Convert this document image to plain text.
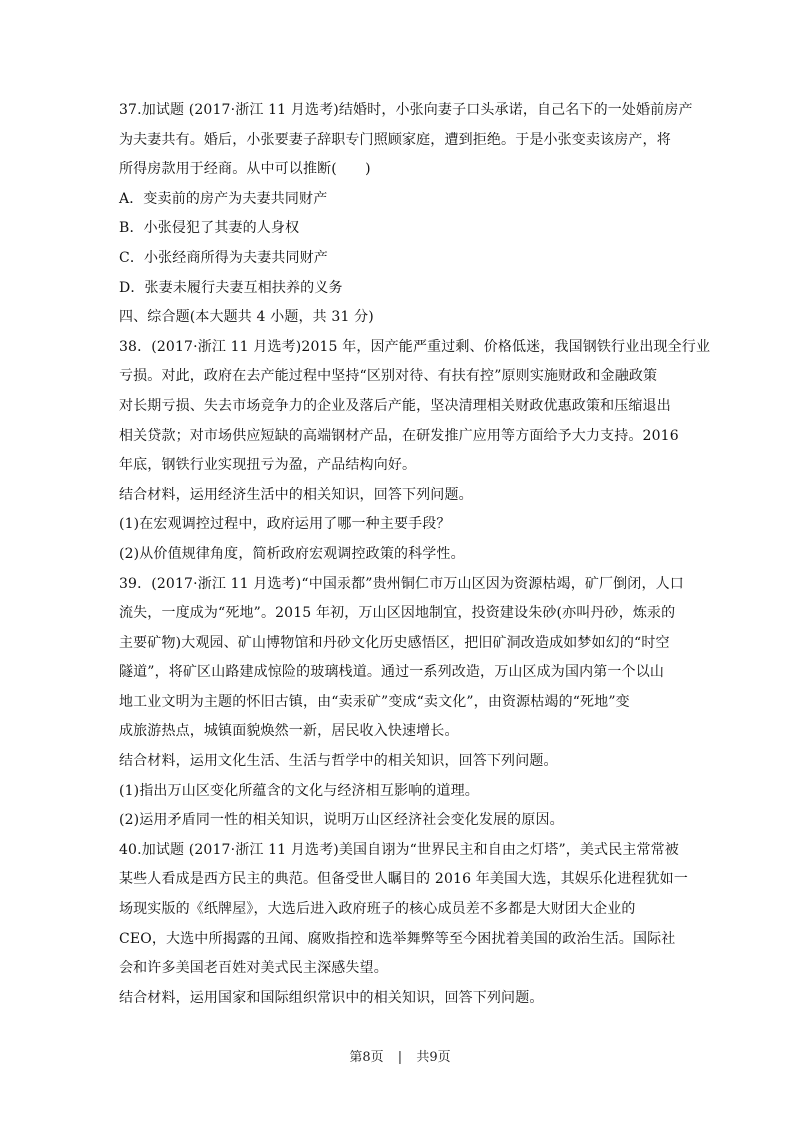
37.加试题 (2017·浙江 11 月选考)结婚时，小张向妻子口头承诺，自己名下的一处婚前房产
为夫妻共有。婚后，小张要妻子辞职专门照顾家庭，遭到拒绝。于是小张变卖该房产，将
所得房款用于经商。从中可以推断(　　)
A．变卖前的房产为夫妻共同财产
B．小张侵犯了其妻的人身权
C．小张经商所得为夫妻共同财产
D．张妻未履行夫妻互相扶养的义务
四、综合题(本大题共 4 小题，共 31 分)
38．(2017·浙江 11 月选考)2015 年，因产能严重过剩、价格低迷，我国钢铁行业出现全行业
亏损。对此，政府在去产能过程中坚持“区别对待、有扶有控”原则实施财政和金融政策
对长期亏损、失去市场竞争力的企业及落后产能，坚决清理相关财政优惠政策和压缩退出
相关贷款；对市场供应短缺的高端钢材产品，在研发推广应用等方面给予大力支持。2016
年底，钢铁行业实现扭亏为盈，产品结构向好。
结合材料，运用经济生活中的相关知识，回答下列问题。
(1)在宏观调控过程中，政府运用了哪一种主要手段？
(2)从价值规律角度，简析政府宏观调控政策的科学性。
39．(2017·浙江 11 月选考)“中国汞都”贵州铜仁市万山区因为资源枯竭，矿厂倒闭，人口
流失，一度成为“死地”。2015 年初，万山区因地制宜，投资建设朱砂(亦叫丹砂，炼汞的
主要矿物)大观园、矿山博物馆和丹砂文化历史感悟区，把旧矿洞改造成如梦如幻的“时空
隧道”，将矿区山路建成惊险的玻璃栈道。通过一系列改造，万山区成为国内第一个以山
地工业文明为主题的怀旧古镇，由“卖汞矿”变成“卖文化”，由资源枯竭的“死地”变
成旅游热点，城镇面貌焕然一新，居民收入快速增长。
结合材料，运用文化生活、生活与哲学中的相关知识，回答下列问题。
(1)指出万山区变化所蕴含的文化与经济相互影响的道理。
(2)运用矛盾同一性的相关知识，说明万山区经济社会变化发展的原因。
40.加试题 (2017·浙江 11 月选考)美国自诩为“世界民主和自由之灯塔”，美式民主常常被
某些人看成是西方民主的典范。但备受世人瞩目的 2016 年美国大选，其娱乐化进程犹如一
场现实版的《纸牌屋》，大选后进入政府班子的核心成员差不多都是大财团大企业的
CEO，大选中所揭露的丑闻、腐败指控和选举舞弊等至今困扰着美国的政治生活。国际社
会和许多美国老百姓对美式民主深感失望。
结合材料，运用国家和国际组织常识中的相关知识，回答下列问题。
第8页 | 共9页
